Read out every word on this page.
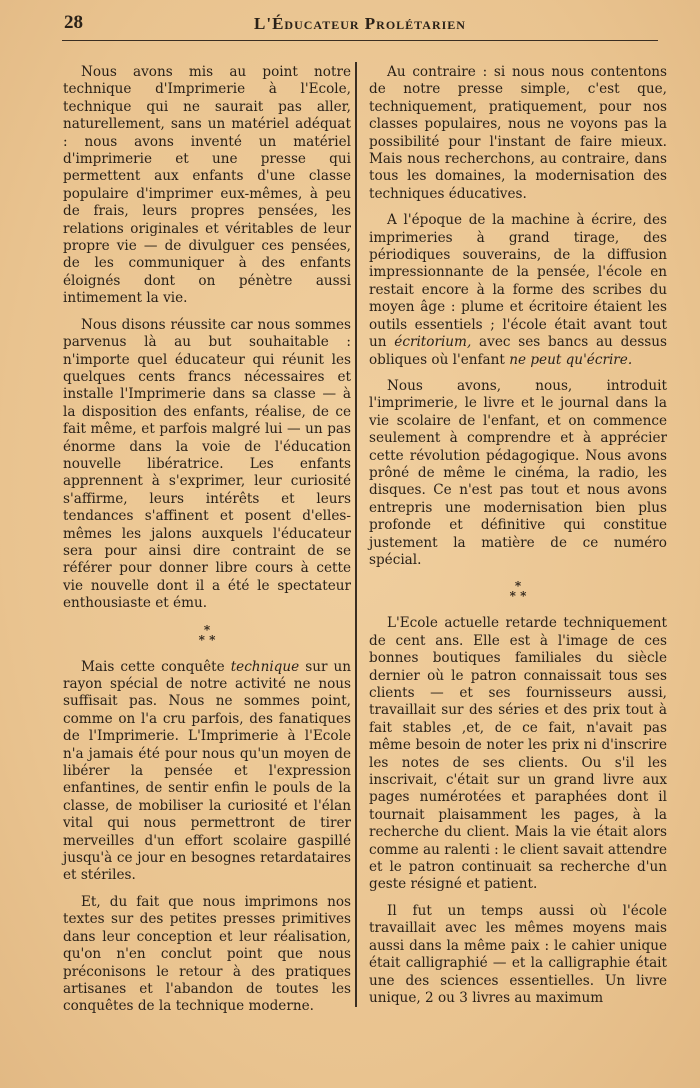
28	L'Éducateur Prolétarien

Nous avons mis au point notre technique d'Imprimerie à l'Ecole, technique qui ne saurait pas aller, naturellement, sans un matériel adéquat : nous avons inventé un matériel d'imprimerie et une presse qui permettent aux enfants d'une classe populaire d'imprimer eux-mêmes, à peu de frais, leurs propres pensées, les relations originales et véritables de leur propre vie — de divulguer ces pensées, de les communiquer à des enfants éloignés dont on pénètre aussi intimement la vie.

Nous disons réussite car nous sommes parvenus là au but souhaitable : n'importe quel éducateur qui réunit les quelques cents francs nécessaires et installe l'Imprimerie dans sa classe — à la disposition des enfants, réalise, de ce fait même, et parfois malgré lui — un pas énorme dans la voie de l'éducation nouvelle libératrice. Les enfants apprennent à s'exprimer, leur curiosité s'affirme, leurs intérêts et leurs tendances s'affinent et posent d'elles-mêmes les jalons auxquels l'éducateur sera pour ainsi dire contraint de se référer pour donner libre cours à cette vie nouvelle dont il a été le spectateur enthousiaste et ému.

*
* *

Mais cette conquête technique sur un rayon spécial de notre activité ne nous suffisait pas. Nous ne sommes point, comme on l'a cru parfois, des fanatiques de l'Imprimerie. L'Imprimerie à l'Ecole n'a jamais été pour nous qu'un moyen de libérer la pensée et l'expression enfantines, de sentir enfin le pouls de la classe, de mobiliser la curiosité et l'élan vital qui nous permettront de tirer merveilles d'un effort scolaire gaspillé jusqu'à ce jour en besognes retardataires et stériles.

Et, du fait que nous imprimons nos textes sur des petites presses primitives dans leur conception et leur réalisation, qu'on n'en conclut point que nous préconisons le retour à des pratiques artisanes et l'abandon de toutes les conquêtes de la technique moderne.

Au contraire : si nous nous contentons de notre presse simple, c'est que, techniquement, pratiquement, pour nos classes populaires, nous ne voyons pas la possibilité pour l'instant de faire mieux. Mais nous recherchons, au contraire, dans tous les domaines, la modernisation des techniques éducatives.

A l'époque de la machine à écrire, des imprimeries à grand tirage, des périodiques souverains, de la diffusion impressionnante de la pensée, l'école en restait encore à la forme des scribes du moyen âge : plume et écritoire étaient les outils essentiels ; l'école était avant tout un écritorium, avec ses bancs au dessus obliques où l'enfant ne peut qu'écrire.

Nous avons, nous, introduit l'imprimerie, le livre et le journal dans la vie scolaire de l'enfant, et on commence seulement à comprendre et à apprécier cette révolution pédagogique. Nous avons prôné de même le cinéma, la radio, les disques. Ce n'est pas tout et nous avons entrepris une modernisation bien plus profonde et définitive qui constitue justement la matière de ce numéro spécial.

*
* *

L'Ecole actuelle retarde techniquement de cent ans. Elle est à l'image de ces bonnes boutiques familiales du siècle dernier où le patron connaissait tous ses clients — et ses fournisseurs aussi, travaillait sur des séries et des prix tout à fait stables ,et, de ce fait, n'avait pas même besoin de noter les prix ni d'inscrire les notes de ses clients. Ou s'il les inscrivait, c'était sur un grand livre aux pages numérotées et paraphées dont il tournait plaisamment les pages, à la recherche du client. Mais la vie était alors comme au ralenti : le client savait attendre et le patron continuait sa recherche d'un geste résigné et patient.

Il fut un temps aussi où l'école travaillait avec les mêmes moyens mais aussi dans la même paix : le cahier unique était calligraphié — et la calligraphie était une des sciences essentielles. Un livre unique, 2 ou 3 livres au maximum
